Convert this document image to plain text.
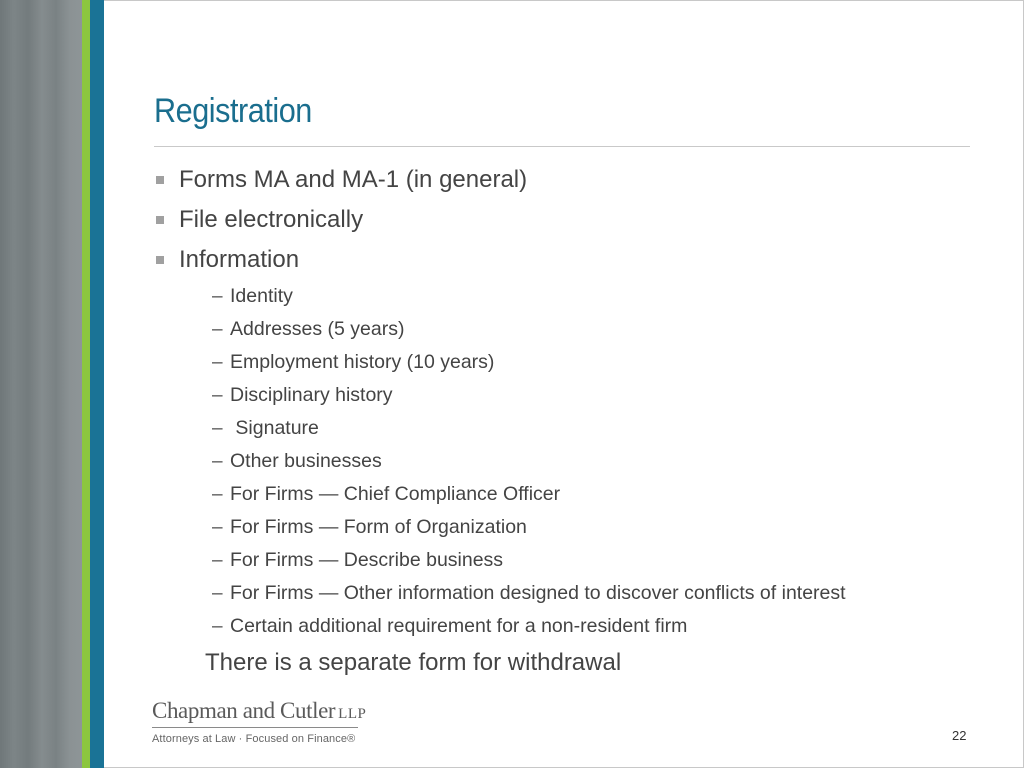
Registration
Forms MA and MA-1 (in general)
File electronically
Information
– Identity
– Addresses (5 years)
– Employment history (10 years)
– Disciplinary history
– Signature
– Other businesses
– For Firms — Chief Compliance Officer
– For Firms — Form of Organization
– For Firms — Describe business
– For Firms — Other information designed to discover conflicts of interest
– Certain additional requirement for a non-resident firm
There is a separate form for withdrawal
Chapman and Cutler LLP
Attorneys at Law · Focused on Finance®	22
